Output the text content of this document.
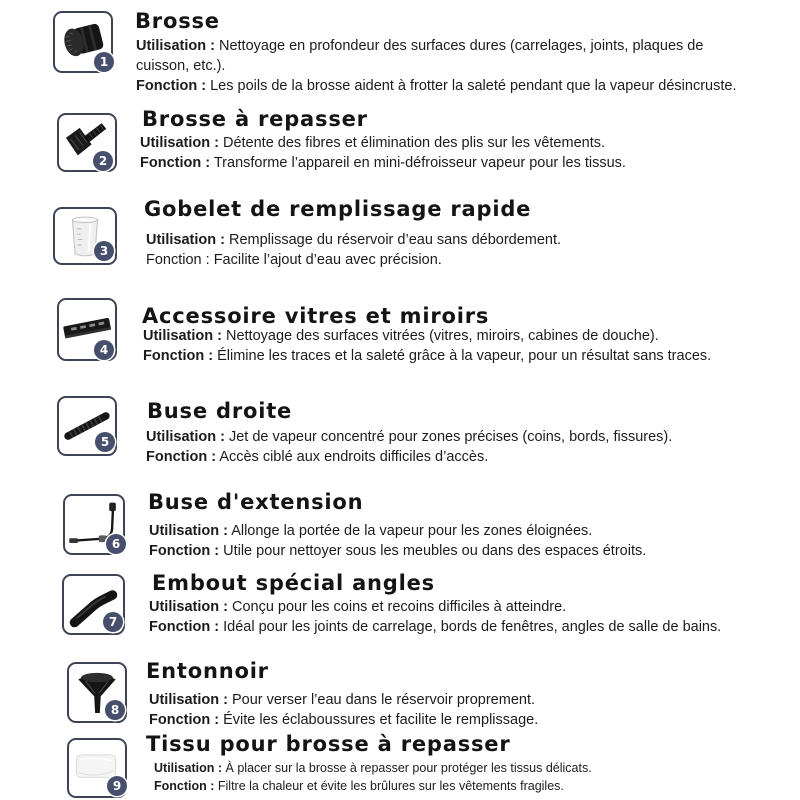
1
Brosse
Utilisation : Nettoyage en profondeur des surfaces dures (carrelages, joints, plaques de cuisson, etc.).
Fonction : Les poils de la brosse aident à frotter la saleté pendant que la vapeur désincruste.
2
Brosse à repasser
Utilisation : Détente des fibres et élimination des plis sur les vêtements.
Fonction : Transforme l’appareil en mini-défroisseur vapeur pour les tissus.
3
Gobelet de remplissage rapide
Utilisation : Remplissage du réservoir d’eau sans débordement.
Fonction : Facilite l’ajout d’eau avec précision.
4
Accessoire vitres et miroirs
Utilisation : Nettoyage des surfaces vitrées (vitres, miroirs, cabines de douche).
Fonction : Élimine les traces et la saleté grâce à la vapeur, pour un résultat sans traces.
5
Buse droite
Utilisation : Jet de vapeur concentré pour zones précises (coins, bords, fissures).
Fonction : Accès ciblé aux endroits difficiles d’accès.
6
Buse d'extension
Utilisation : Allonge la portée de la vapeur pour les zones éloignées.
Fonction : Utile pour nettoyer sous les meubles ou dans des espaces étroits.
7
Embout spécial angles
Utilisation : Conçu pour les coins et recoins difficiles à atteindre.
Fonction : Idéal pour les joints de carrelage, bords de fenêtres, angles de salle de bains.
8
Entonnoir
Utilisation : Pour verser l’eau dans le réservoir proprement.
Fonction : Évite les éclaboussures et facilite le remplissage.
9
Tissu pour brosse à repasser
Utilisation : À placer sur la brosse à repasser pour protéger les tissus délicats.
Fonction : Filtre la chaleur et évite les brûlures sur les vêtements fragiles.
